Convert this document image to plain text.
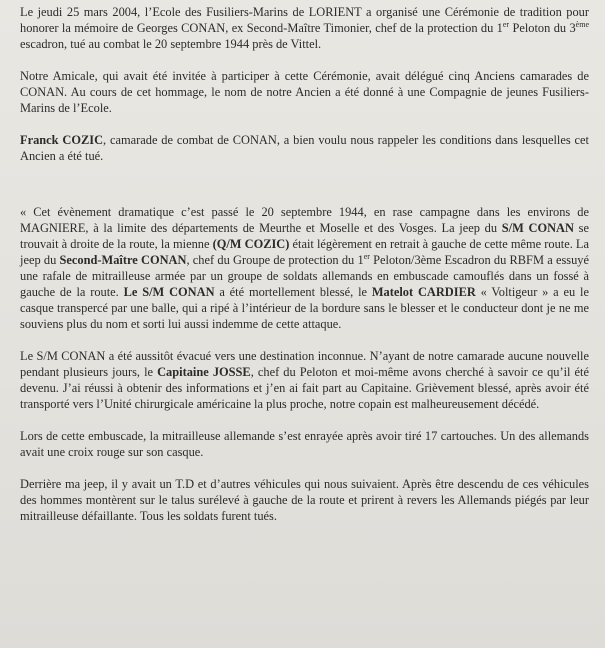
Le jeudi 25 mars 2004, l’Ecole des Fusiliers-Marins de LORIENT a organisé une Cérémonie de tradition pour honorer la mémoire de Georges CONAN, ex Second-Maître Timonier, chef de la protection du 1er Peloton du 3ème escadron, tué au combat le 20 septembre 1944 près de Vittel.

Notre Amicale, qui avait été invitée à participer à cette Cérémonie, avait délégué cinq Anciens camarades de CONAN. Au cours de cet hommage, le nom de notre Ancien a été donné à une Compagnie de jeunes Fusiliers-Marins de l’Ecole.

Franck COZIC, camarade de combat de CONAN, a bien voulu nous rappeler les conditions dans lesquelles cet Ancien a été tué.

« Cet évènement dramatique c’est passé le 20 septembre 1944, en rase campagne dans les environs de MAGNIERE, à la limite des départements de Meurthe et Moselle et des Vosges. La jeep du S/M CONAN se trouvait à droite de la route, la mienne (Q/M COZIC) était légèrement en retrait à gauche de cette même route. La jeep du Second-Maître CONAN, chef du Groupe de protection du 1er Peloton/3ème Escadron du RBFM a essuyé une rafale de mitrailleuse armée par un groupe de soldats allemands en embuscade camouflés dans un fossé à gauche de la route. Le S/M CONAN a été mortellement blessé, le Matelot CARDIER « Voltigeur » a eu le casque transpercé par une balle, qui a ripé à l’intérieur de la bordure sans le blesser et le conducteur dont je ne me souviens plus du nom et sorti lui aussi indemme de cette attaque.

Le S/M CONAN a été aussitôt évacué vers une destination inconnue. N’ayant de notre camarade aucune nouvelle pendant plusieurs jours, le Capitaine JOSSE, chef du Peloton et moi-même avons cherché à savoir ce qu’il été devenu. J’ai réussi à obtenir des informations et j’en ai fait part au Capitaine. Grièvement blessé, après avoir été transporté vers l’Unité chirurgicale américaine la plus proche, notre copain est malheureusement décédé.

Lors de cette embuscade, la mitrailleuse allemande s’est enrayée après avoir tiré 17 cartouches. Un des allemands avait une croix rouge sur son casque.

Derrière ma jeep, il y avait un T.D et d’autres véhicules qui nous suivaient. Après être descendu de ces véhicules des hommes montèrent sur le talus surélevé à gauche de la route et prirent à revers les Allemands piégés par leur mitrailleuse défaillante. Tous les soldats furent tués.
